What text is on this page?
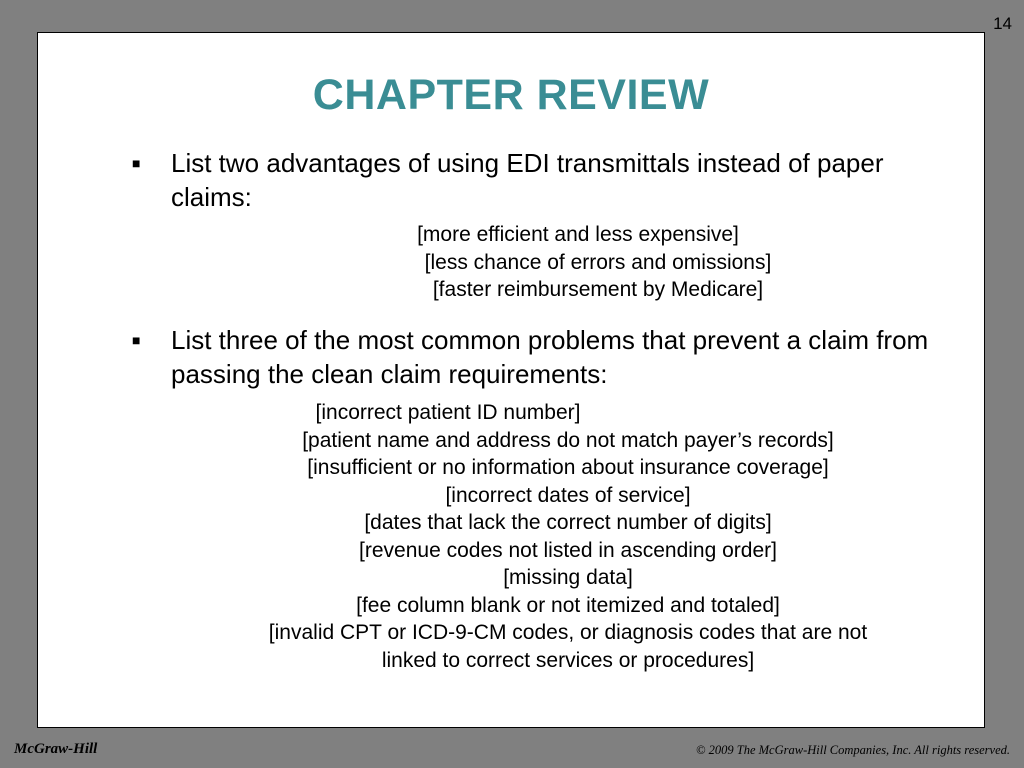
14
CHAPTER REVIEW
■ List two advantages of using EDI transmittals instead of paper claims:
[more efficient and less expensive]
[less chance of errors and omissions]
[faster reimbursement by Medicare]
■ List three of the most common problems that prevent a claim from passing the clean claim requirements:
[incorrect patient ID number]
[patient name and address do not match payer’s records]
[insufficient or no information about insurance coverage]
[incorrect dates of service]
[dates that lack the correct number of digits]
[revenue codes not listed in ascending order]
[missing data]
[fee column blank or not itemized and totaled]
[invalid CPT or ICD-9-CM codes, or diagnosis codes that are not
linked to correct services or procedures]
McGraw-Hill	© 2009 The McGraw-Hill Companies, Inc. All rights reserved.
